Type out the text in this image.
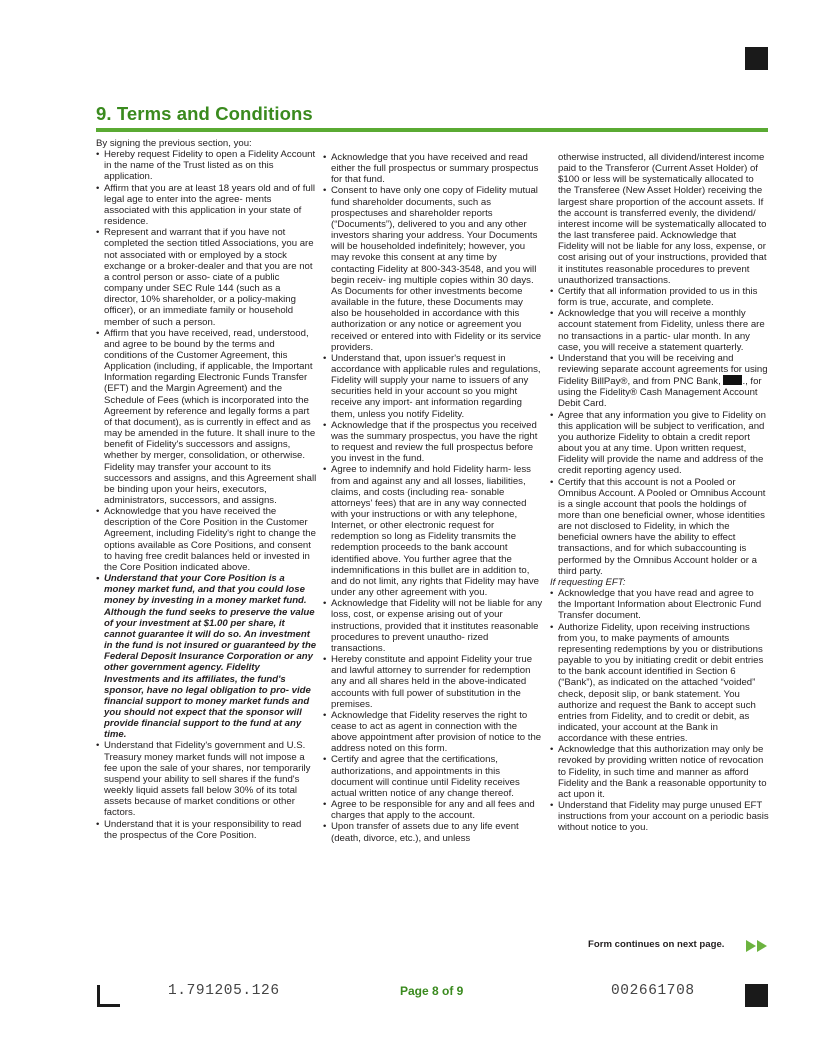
9. Terms and Conditions

By signing the previous section, you:

• Hereby request Fidelity to open a Fidelity Account in the name of the Trust listed as on this application.
• Affirm that you are at least 18 years old and of full legal age to enter into the agree- ments associated with this application in your state of residence.
• Represent and warrant that if you have not completed the section titled Associations, you are not associated with or employed by a stock exchange or a broker-dealer and that you are not a control person or asso- ciate of a public company under SEC Rule 144 (such as a director, 10% shareholder, or a policy-making officer), or an immediate family or household member of such a person.
• Affirm that you have received, read, understood, and agree to be bound by the terms and conditions of the Customer Agreement, this Application (including, if applicable, the Important Information regarding Electronic Funds Transfer (EFT) and the Margin Agreement) and the Schedule of Fees (which is incorporated into the Agreement by reference and legally forms a part of that document), as is currently in effect and as may be amended in the future. It shall inure to the benefit of Fidelity's successors and assigns, whether by merger, consolidation, or otherwise. Fidelity may transfer your account to its successors and assigns, and this Agreement shall be binding upon your heirs, executors, administrators, successors, and assigns.
• Acknowledge that you have received the description of the Core Position in the Customer Agreement, including Fidelity's right to change the options available as Core Positions, and consent to having free credit balances held or invested in the Core Position indicated above.
• Understand that your Core Position is a money market fund, and that you could lose money by investing in a money market fund. Although the fund seeks to preserve the value of your investment at $1.00 per share, it cannot guarantee it will do so. An investment in the fund is not insured or guaranteed by the Federal Deposit Insurance Corporation or any other government agency. Fidelity Investments and its affiliates, the fund's sponsor, have no legal obligation to pro- vide financial support to money market funds and you should not expect that the sponsor will provide financial support to the fund at any time.
• Understand that Fidelity's government and U.S. Treasury money market funds will not impose a fee upon the sale of your shares, nor temporarily suspend your ability to sell shares if the fund's weekly liquid assets fall below 30% of its total assets because of market conditions or other factors.
• Understand that it is your responsibility to read the prospectus of the Core Position.
• Acknowledge that you have received and read either the full prospectus or summary prospectus for that fund.
• Consent to have only one copy of Fidelity mutual fund shareholder documents, such as prospectuses and shareholder reports (“Documents”), delivered to you and any other investors sharing your address. Your Documents will be householded indefinitely; however, you may revoke this consent at any time by contacting Fidelity at 800-343-3548, and you will begin receiv- ing multiple copies within 30 days. As Documents for other investments become available in the future, these Documents may also be householded in accordance with this authorization or any notice or agreement you received or entered into with Fidelity or its service providers.
• Understand that, upon issuer's request in accordance with applicable rules and regulations, Fidelity will supply your name to issuers of any securities held in your account so you might receive any import- ant information regarding them, unless you notify Fidelity.
• Acknowledge that if the prospectus you received was the summary prospectus, you have the right to request and review the full prospectus before you invest in the fund.
• Agree to indemnify and hold Fidelity harm- less from and against any and all losses, liabilities, claims, and costs (including rea- sonable attorneys' fees) that are in any way connected with your instructions or with any telephone, Internet, or other electronic request for redemption so long as Fidelity transmits the redemption proceeds to the bank account identified above. You further agree that the indemnifications in this bullet are in addition to, and do not limit, any rights that Fidelity may have under any other agreement with you.
• Acknowledge that Fidelity will not be liable for any loss, cost, or expense arising out of your instructions, provided that it institutes reasonable procedures to prevent unautho- rized transactions.
• Hereby constitute and appoint Fidelity your true and lawful attorney to surrender for redemption any and all shares held in the above-indicated accounts with full power of substitution in the premises.
• Acknowledge that Fidelity reserves the right to cease to act as agent in connection with the above appointment after provision of notice to the address noted on this form.
• Certify and agree that the certifications, authorizations, and appointments in this document will continue until Fidelity receives actual written notice of any change thereof.
• Agree to be responsible for any and all fees and charges that apply to the account.
• Upon transfer of assets due to any life event (death, divorce, etc.), and unless
otherwise instructed, all dividend/interest income paid to the Transferor (Current Asset Holder) of $100 or less will be systematically allocated to the Transferee (New Asset Holder) receiving the largest share proportion of the account assets. If the account is transferred evenly, the dividend/ interest income will be systematically allocated to the last transferee paid. Acknowledge that Fidelity will not be liable for any loss, expense, or cost arising out of your instructions, provided that it institutes reasonable procedures to prevent unauthorized transactions.
• Certify that all information provided to us in this form is true, accurate, and complete.
• Acknowledge that you will receive a monthly account statement from Fidelity, unless there are no transactions in a partic- ular month. In any case, you will receive a statement quarterly.
• Understand that you will be receiving and reviewing separate account agreements for using Fidelity BillPay®, and from PNC Bank, ., for using the Fidelity® Cash Management Account Debit Card.
• Agree that any information you give to Fidelity on this application will be subject to verification, and you authorize Fidelity to obtain a credit report about you at any time. Upon written request, Fidelity will provide the name and address of the credit reporting agency used.
• Certify that this account is not a Pooled or Omnibus Account. A Pooled or Omnibus Account is a single account that pools the holdings of more than one beneficial owner, whose identities are not disclosed to Fidelity, in which the beneficial owners have the ability to effect transactions, and for which subaccounting is performed by the Omnibus Account holder or a third party.

If requesting EFT:

• Acknowledge that you have read and agree to the Important Information about Electronic Fund Transfer document.
• Authorize Fidelity, upon receiving instructions from you, to make payments of amounts representing redemptions by you or distributions payable to you by initiating credit or debit entries to the bank account identified in Section 6 (“Bank”), as indicated on the attached “voided” check, deposit slip, or bank statement. You authorize and request the Bank to accept such entries from Fidelity, and to credit or debit, as indicated, your account at the Bank in accordance with these entries.
• Acknowledge that this authorization may only be revoked by providing written notice of revocation to Fidelity, in such time and manner as afford Fidelity and the Bank a reasonable opportunity to act upon it.
• Understand that Fidelity may purge unused EFT instructions from your account on a periodic basis without notice to you.
Form continues on next page.
1.791205.126	Page 8 of 9	002661708
